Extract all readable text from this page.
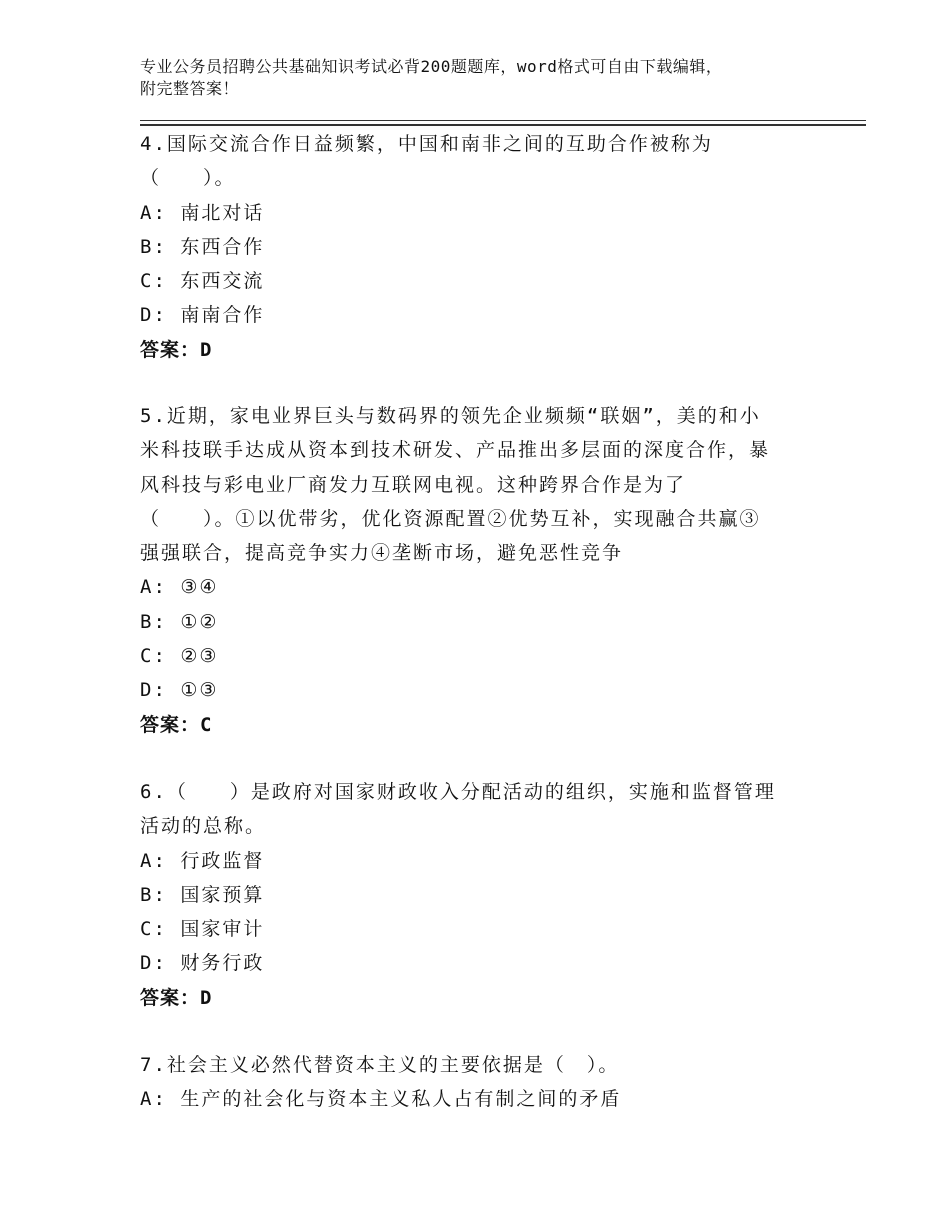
专业公务员招聘公共基础知识考试必背200题题库，word格式可自由下载编辑，
附完整答案！
4.国际交流合作日益频繁，中国和南非之间的互助合作被称为
（　　）。
A: 南北对话
B: 东西合作
C: 东西交流
D: 南南合作
答案：D
5.近期，家电业界巨头与数码界的领先企业频频“联姻”，美的和小
米科技联手达成从资本到技术研发、产品推出多层面的深度合作，暴
风科技与彩电业厂商发力互联网电视。这种跨界合作是为了
（　　）。①以优带劣，优化资源配置②优势互补，实现融合共赢③
强强联合，提高竞争实力④垄断市场，避免恶性竞争
A: ③④
B: ①②
C: ②③
D: ①③
答案：C
6.（　　）是政府对国家财政收入分配活动的组织，实施和监督管理
活动的总称。
A: 行政监督
B: 国家预算
C: 国家审计
D: 财务行政
答案：D
7.社会主义必然代替资本主义的主要依据是（　）。
A: 生产的社会化与资本主义私人占有制之间的矛盾
